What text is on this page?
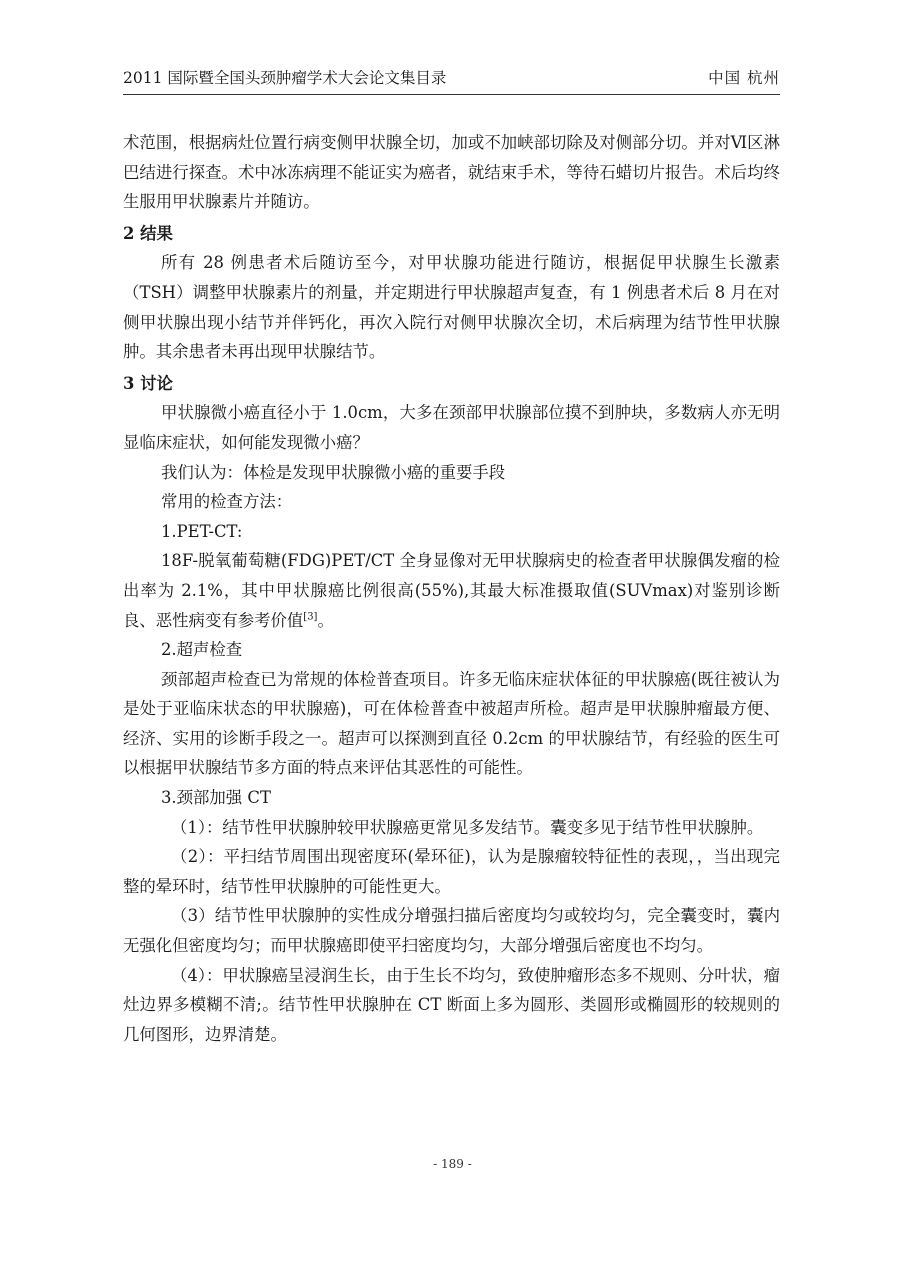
2011 国际暨全国头颈肿瘤学术大会论文集目录	中国 杭州

术范围，根据病灶位置行病变侧甲状腺全切，加或不加峡部切除及对侧部分切。并对Ⅵ区淋巴结进行探查。术中冰冻病理不能证实为癌者，就结束手术，等待石蜡切片报告。术后均终生服用甲状腺素片并随访。

2 结果

所有 28 例患者术后随访至今，对甲状腺功能进行随访，根据促甲状腺生长激素（TSH）调整甲状腺素片的剂量，并定期进行甲状腺超声复查，有 1 例患者术后 8 月在对侧甲状腺出现小结节并伴钙化，再次入院行对侧甲状腺次全切，术后病理为结节性甲状腺肿。其余患者未再出现甲状腺结节。

3 讨论

甲状腺微小癌直径小于 1.0cm，大多在颈部甲状腺部位摸不到肿块，多数病人亦无明显临床症状，如何能发现微小癌？

我们认为：体检是发现甲状腺微小癌的重要手段

常用的检查方法：

1.PET-CT:

18F-脱氧葡萄糖(FDG)PET/CT 全身显像对无甲状腺病史的检查者甲状腺偶发瘤的检出率为 2.1%，其中甲状腺癌比例很高(55%),其最大标准摄取值(SUVmax)对鉴别诊断良、恶性病变有参考价值[3]。

2.超声检查

颈部超声检查已为常规的体检普查项目。许多无临床症状体征的甲状腺癌(既往被认为是处于亚临床状态的甲状腺癌)，可在体检普查中被超声所检。超声是甲状腺肿瘤最方便、经济、实用的诊断手段之一。超声可以探测到直径 0.2cm 的甲状腺结节，有经验的医生可以根据甲状腺结节多方面的特点来评估其恶性的可能性。

3.颈部加强 CT

（1）：结节性甲状腺肿较甲状腺癌更常见多发结节。囊变多见于结节性甲状腺肿。

（2）：平扫结节周围出现密度环(晕环征)，认为是腺瘤较特征性的表现，，当出现完整的晕环时，结节性甲状腺肿的可能性更大。

（3）结节性甲状腺肿的实性成分增强扫描后密度均匀或较均匀，完全囊变时，囊内无强化但密度均匀；而甲状腺癌即使平扫密度均匀，大部分增强后密度也不均匀。

（4）：甲状腺癌呈浸润生长，由于生长不均匀，致使肿瘤形态多不规则、分叶状，瘤灶边界多模糊不清;。结节性甲状腺肿在 CT 断面上多为圆形、类圆形或椭圆形的较规则的几何图形，边界清楚。

- 189 -
